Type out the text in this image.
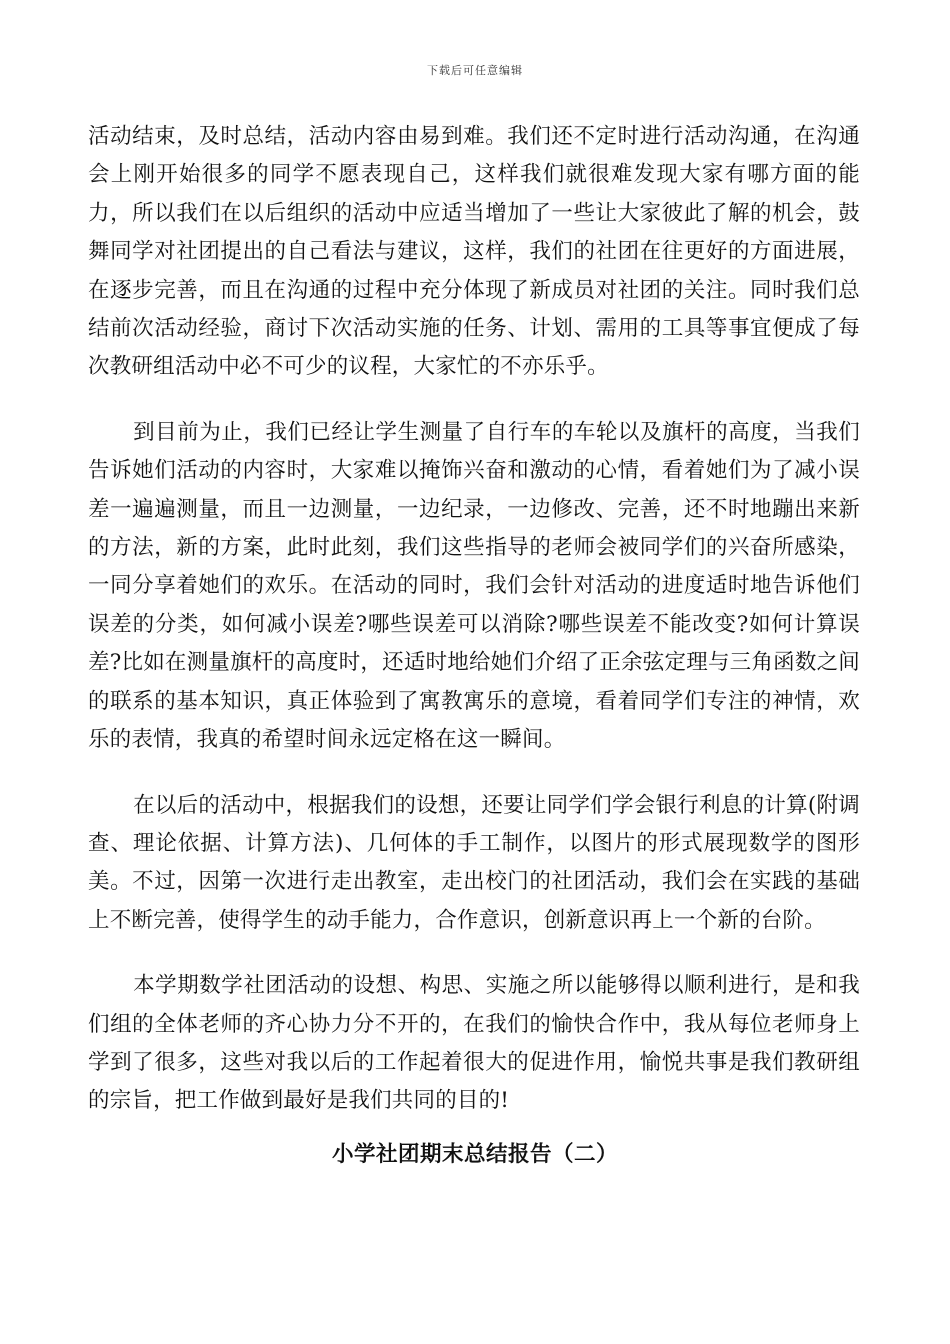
下载后可任意编辑

活动结束，及时总结，活动内容由易到难。我们还不定时进行活动沟通，在沟通会上刚开始很多的同学不愿表现自己，这样我们就很难发现大家有哪方面的能力，所以我们在以后组织的活动中应适当增加了一些让大家彼此了解的机会，鼓舞同学对社团提出的自己看法与建议，这样，我们的社团在往更好的方面进展，在逐步完善，而且在沟通的过程中充分体现了新成员对社团的关注。同时我们总结前次活动经验，商讨下次活动实施的任务、计划、需用的工具等事宜便成了每次教研组活动中必不可少的议程，大家忙的不亦乐乎。

到目前为止，我们已经让学生测量了自行车的车轮以及旗杆的高度，当我们告诉她们活动的内容时，大家难以掩饰兴奋和激动的心情，看着她们为了减小误差一遍遍测量，而且一边测量，一边纪录，一边修改、完善，还不时地蹦出来新的方法，新的方案，此时此刻，我们这些指导的老师会被同学们的兴奋所感染，一同分享着她们的欢乐。在活动的同时，我们会针对活动的进度适时地告诉他们误差的分类，如何减小误差?哪些误差可以消除?哪些误差不能改变?如何计算误差?比如在测量旗杆的高度时，还适时地给她们介绍了正余弦定理与三角函数之间的联系的基本知识，真正体验到了寓教寓乐的意境，看着同学们专注的神情，欢乐的表情，我真的希望时间永远定格在这一瞬间。

在以后的活动中，根据我们的设想，还要让同学们学会银行利息的计算(附调查、理论依据、计算方法)、几何体的手工制作，以图片的形式展现数学的图形美。不过，因第一次进行走出教室，走出校门的社团活动，我们会在实践的基础上不断完善，使得学生的动手能力，合作意识，创新意识再上一个新的台阶。

本学期数学社团活动的设想、构思、实施之所以能够得以顺利进行，是和我们组的全体老师的齐心协力分不开的，在我们的愉快合作中，我从每位老师身上学到了很多，这些对我以后的工作起着很大的促进作用，愉悦共事是我们教研组的宗旨，把工作做到最好是我们共同的目的!

小学社团期末总结报告（二）
